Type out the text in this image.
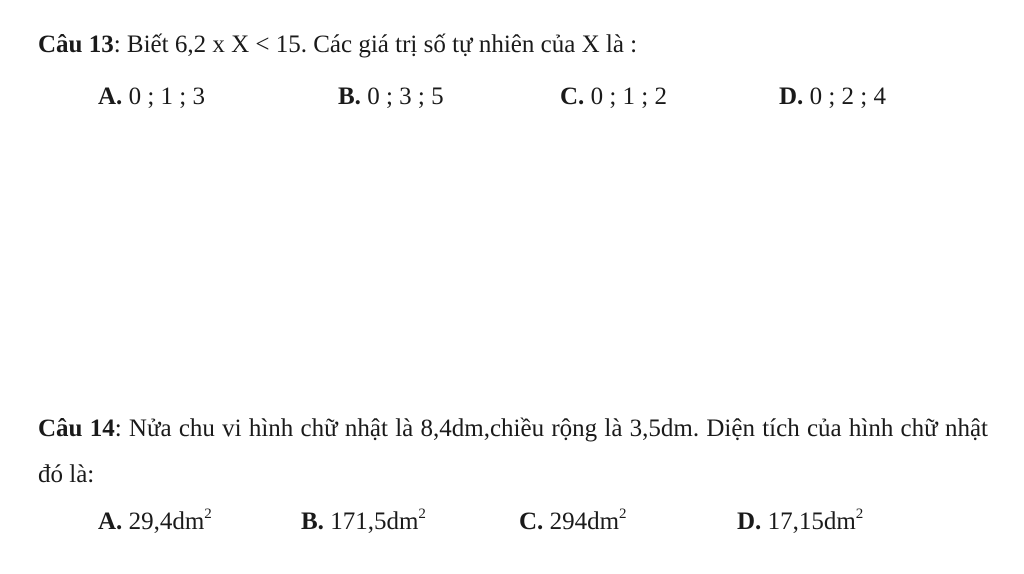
Câu 13: Biết 6,2 x X < 15. Các giá trị số tự nhiên của X là :
A. 0 ; 1 ; 3	B. 0 ; 3 ; 5	C. 0 ; 1 ; 2	D. 0 ; 2 ; 4
Câu 14: Nửa chu vi hình chữ nhật là 8,4dm,chiều rộng là 3,5dm. Diện tích của hình chữ nhật đó là:
A. $29,4dm^2$	B. $171,5dm^2$	C. $294dm^2$	D. $17,15dm^2$
